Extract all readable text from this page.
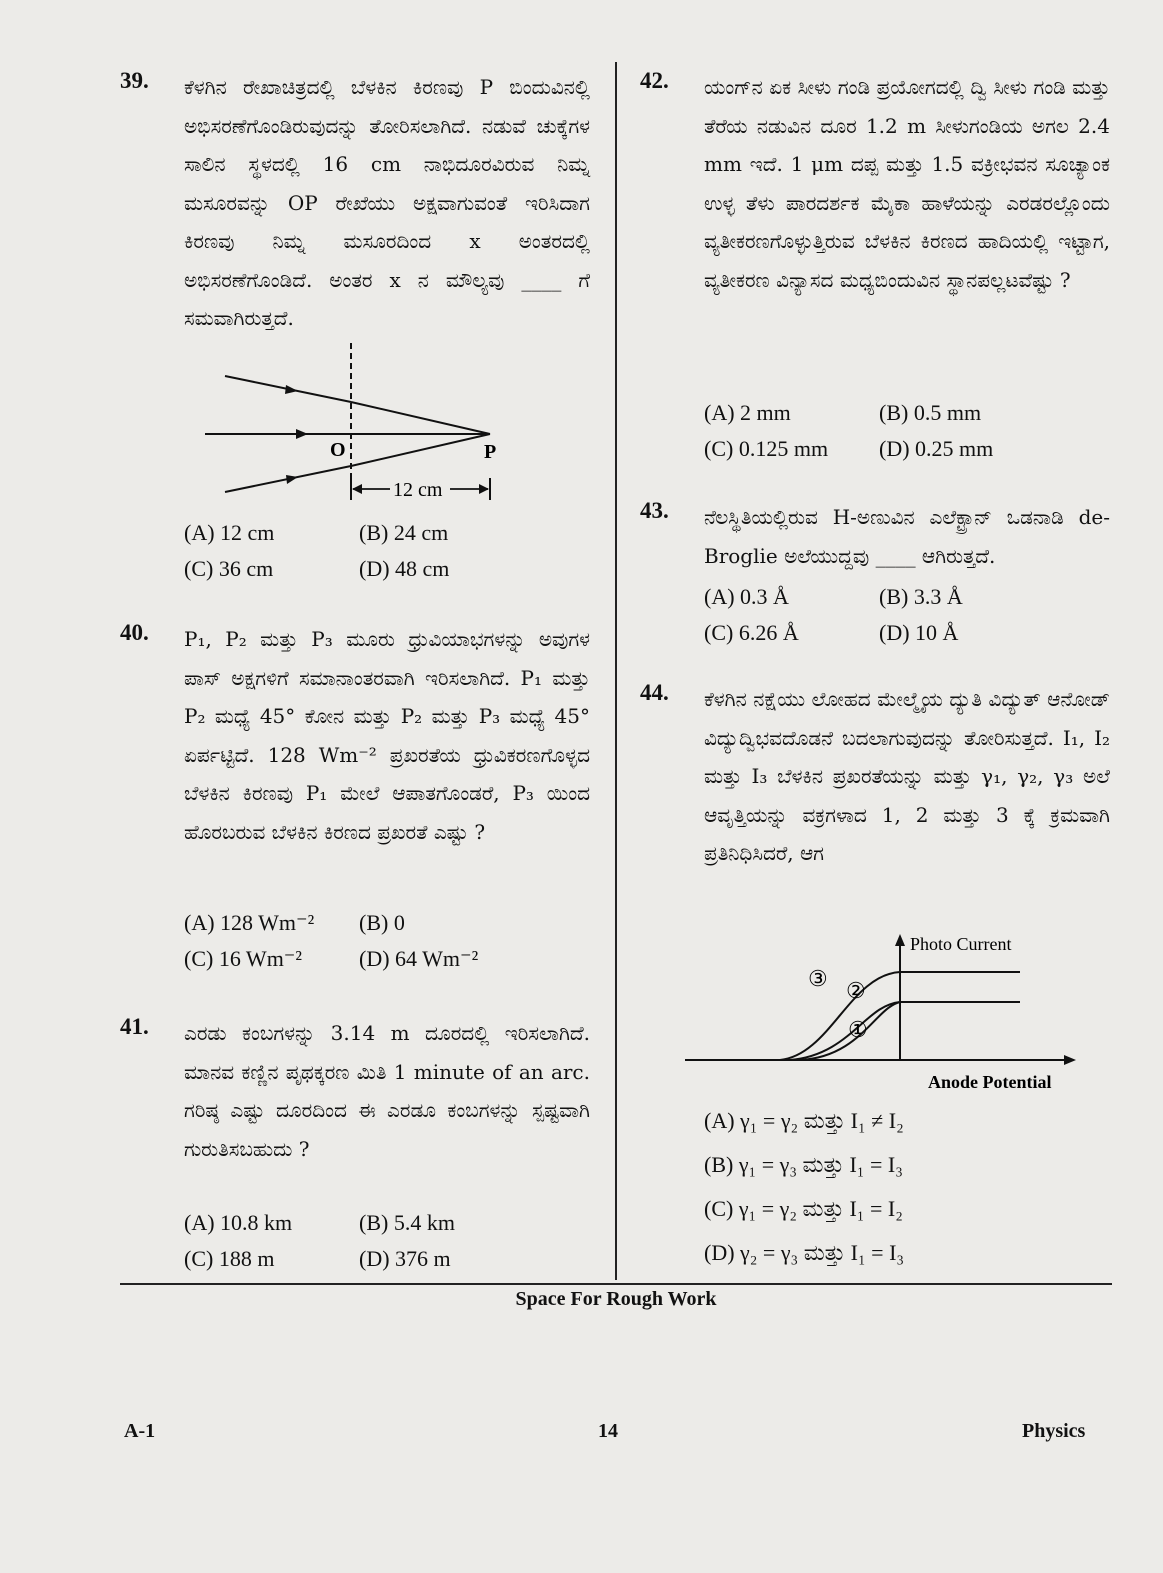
39. ಕೆಳಗಿನ ರೇಖಾಚಿತ್ರದಲ್ಲಿ ಬೆಳಕಿನ ಕಿರಣವು P ಬಿಂದುವಿನಲ್ಲಿ ಅಭಿಸರಣೆಗೊಂಡಿರುವುದನ್ನು ತೋರಿಸಲಾಗಿದೆ. ನಡುವೆ ಚುಕ್ಕೆಗಳ ಸಾಲಿನ ಸ್ಥಳದಲ್ಲಿ 16 cm ನಾಭಿದೂರವಿರುವ ನಿಮ್ನ ಮಸೂರವನ್ನು OP ರೇಖೆಯು ಅಕ್ಷವಾಗುವಂತೆ ಇರಿಸಿದಾಗ ಕಿರಣವು ನಿಮ್ನ ಮಸೂರದಿಂದ x ಅಂತರದಲ್ಲಿ ಅಭಿಸರಣೆಗೊಂಡಿದೆ. ಅಂತರ x ನ ಮೌಲ್ಯವು ____ ಗೆ ಸಮವಾಗಿರುತ್ತದೆ.
O	P
12 cm
(A) 12 cm	(B) 24 cm
(C) 36 cm	(D) 48 cm
40. P₁, P₂ ಮತ್ತು P₃ ಮೂರು ಧ್ರುವಿಯಾಭಗಳನ್ನು ಅವುಗಳ ಪಾಸ್ ಅಕ್ಷಗಳಿಗೆ ಸಮಾನಾಂತರವಾಗಿ ಇರಿಸಲಾಗಿದೆ. P₁ ಮತ್ತು P₂ ಮಧ್ಯೆ 45° ಕೋನ ಮತ್ತು P₂ ಮತ್ತು P₃ ಮಧ್ಯೆ 45° ಏರ್ಪಟ್ಟಿದೆ. 128 Wm⁻² ಪ್ರಖರತೆಯ ಧ್ರುವಿಕರಣಗೊಳ್ಳದ ಬೆಳಕಿನ ಕಿರಣವು P₁ ಮೇಲೆ ಆಪಾತಗೊಂಡರೆ, P₃ ಯಿಂದ ಹೊರಬರುವ ಬೆಳಕಿನ ಕಿರಣದ ಪ್ರಖರತೆ ಎಷ್ಟು ?
(A) 128 Wm⁻² (B) 0
(C) 16 Wm⁻²	(D) 64 Wm⁻²
41. ಎರಡು ಕಂಬಗಳನ್ನು 3.14 m ದೂರದಲ್ಲಿ ಇರಿಸಲಾಗಿದೆ. ಮಾನವ ಕಣ್ಣಿನ ಪೃಥಕ್ಕರಣ ಮಿತಿ 1 minute of an arc. ಗರಿಷ್ಠ ಎಷ್ಟು ದೂರದಿಂದ ಈ ಎರಡೂ ಕಂಬಗಳನ್ನು ಸ್ಪಷ್ಟವಾಗಿ ಗುರುತಿಸಬಹುದು ?
(A) 10.8 km	(B) 5.4 km
(C) 188 m	(D) 376 m
42. ಯಂಗ್‌ನ ಏಕ ಸೀಳು ಗಂಡಿ ಪ್ರಯೋಗದಲ್ಲಿ ದ್ವಿ ಸೀಳು ಗಂಡಿ ಮತ್ತು ತೆರೆಯ ನಡುವಿನ ದೂರ 1.2 m ಸೀಳುಗಂಡಿಯ ಅಗಲ 2.4 mm ಇದೆ. 1 μm ದಪ್ಪ ಮತ್ತು 1.5 ವಕ್ರೀಭವನ ಸೂಚ್ಯಾಂಕ ಉಳ್ಳ ತೆಳು ಪಾರದರ್ಶಕ ಮೈಕಾ ಹಾಳೆಯನ್ನು ಎರಡರಲ್ಲೊಂದು ವ್ಯತೀಕರಣಗೊಳ್ಳುತ್ತಿರುವ ಬೆಳಕಿನ ಕಿರಣದ ಹಾದಿಯಲ್ಲಿ ಇಟ್ಟಾಗ, ವ್ಯತೀಕರಣ ವಿನ್ಯಾಸದ ಮಧ್ಯಬಿಂದುವಿನ ಸ್ಥಾನಪಲ್ಲಟವೆಷ್ಟು ?
(A) 2 mm	(B) 0.5 mm
(C) 0.125 mm (D) 0.25 mm
43. ನೆಲಸ್ಥಿತಿಯಲ್ಲಿರುವ H-ಅಣುವಿನ ಎಲೆಕ್ಟ್ರಾನ್ ಒಡನಾಡಿ de-Broglie ಅಲೆಯುದ್ದವು ____ ಆಗಿರುತ್ತದೆ.
(A) 0.3 Å	(B) 3.3 Å
(C) 6.26 Å	(D) 10 Å
44. ಕೆಳಗಿನ ನಕ್ಷೆಯು ಲೋಹದ ಮೇಲ್ಮೈಯ ದ್ಯುತಿ ವಿದ್ಯುತ್ ಆನೋಡ್ ವಿದ್ಯುದ್ವಿಭವದೊಡನೆ ಬದಲಾಗುವುದನ್ನು ತೋರಿಸುತ್ತದೆ. I₁, I₂ ಮತ್ತು I₃ ಬೆಳಕಿನ ಪ್ರಖರತೆಯನ್ನು ಮತ್ತು γ₁, γ₂, γ₃ ಅಲೆ ಆವೃತ್ತಿಯನ್ನು ವಕ್ರಗಳಾದ 1, 2 ಮತ್ತು 3 ಕ್ಕೆ ಕ್ರಮವಾಗಿ ಪ್ರತಿನಿಧಿಸಿದರೆ, ಆಗ
Photo Current
Anode Potential
③ ②
①
(A) γ₁ = γ₂ ಮತ್ತು I₁ ≠ I₂
(B) γ₁ = γ₃ ಮತ್ತು I₁ = I₃
(C) γ₁ = γ₂ ಮತ್ತು I₁ = I₂
(D) γ₂ = γ₃ ಮತ್ತು I₁ = I₃
Space For Rough Work
A-1	14	Physics
